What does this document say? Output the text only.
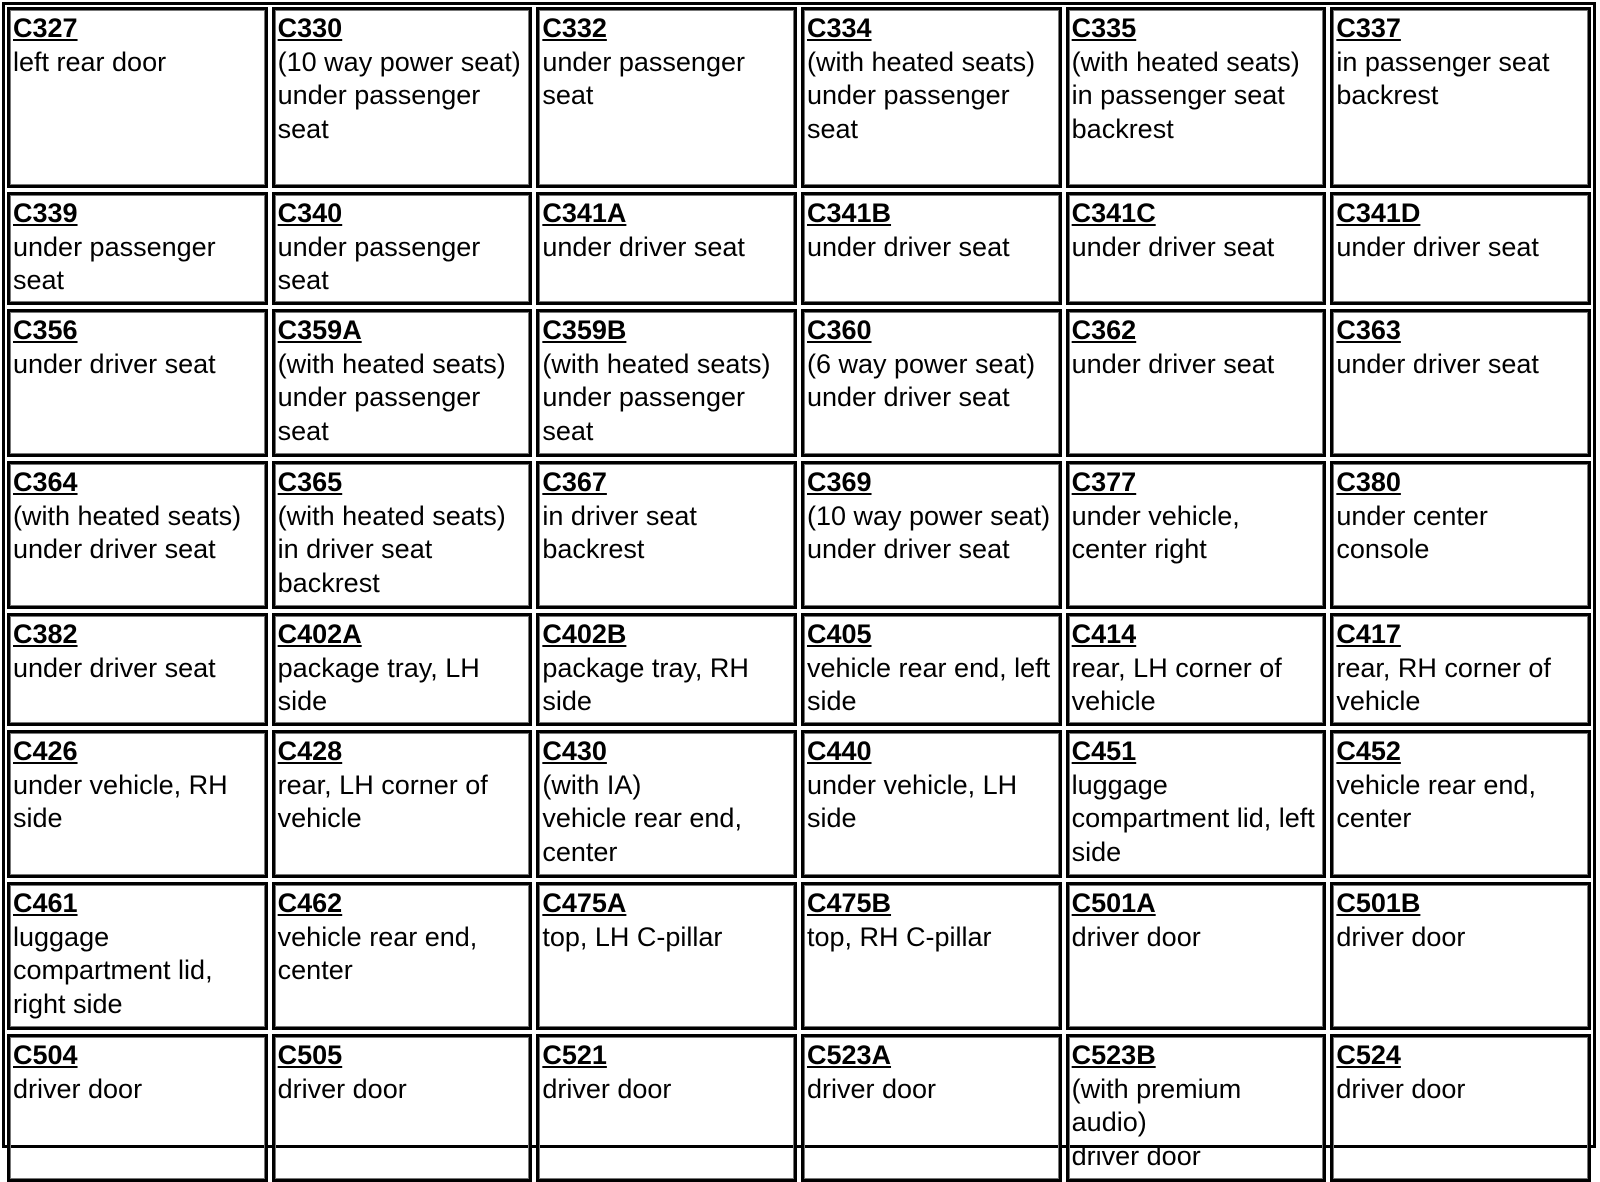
C327
left rear door
C330
(10 way power seat)
under passenger seat
C332
under passenger seat
C334
(with heated seats)
under passenger seat
C335
(with heated seats)
in passenger seat backrest
C337
in passenger seat backrest
C339
under passenger seat
C340
under passenger seat
C341A
under driver seat
C341B
under driver seat
C341C
under driver seat
C341D
under driver seat
C356
under driver seat
C359A
(with heated seats)
under passenger seat
C359B
(with heated seats)
under passenger seat
C360
(6 way power seat)
under driver seat
C362
under driver seat
C363
under driver seat
C364
(with heated seats)
under driver seat
C365
(with heated seats)
in driver seat backrest
C367
in driver seat backrest
C369
(10 way power seat)
under driver seat
C377
under vehicle, center right
C380
under center console
C382
under driver seat
C402A
package tray, LH side
C402B
package tray, RH side
C405
vehicle rear end, left side
C414
rear, LH corner of vehicle
C417
rear, RH corner of vehicle
C426
under vehicle, RH side
C428
rear, LH corner of vehicle
C430
(with IA)
vehicle rear end, center
C440
under vehicle, LH side
C451
luggage compartment lid, left side
C452
vehicle rear end, center
C461
luggage compartment lid, right side
C462
vehicle rear end, center
C475A
top, LH C-pillar
C475B
top, RH C-pillar
C501A
driver door
C501B
driver door
C504
driver door
C505
driver door
C521
driver door
C523A
driver door
C523B
(with premium audio)
driver door
C524
driver door
